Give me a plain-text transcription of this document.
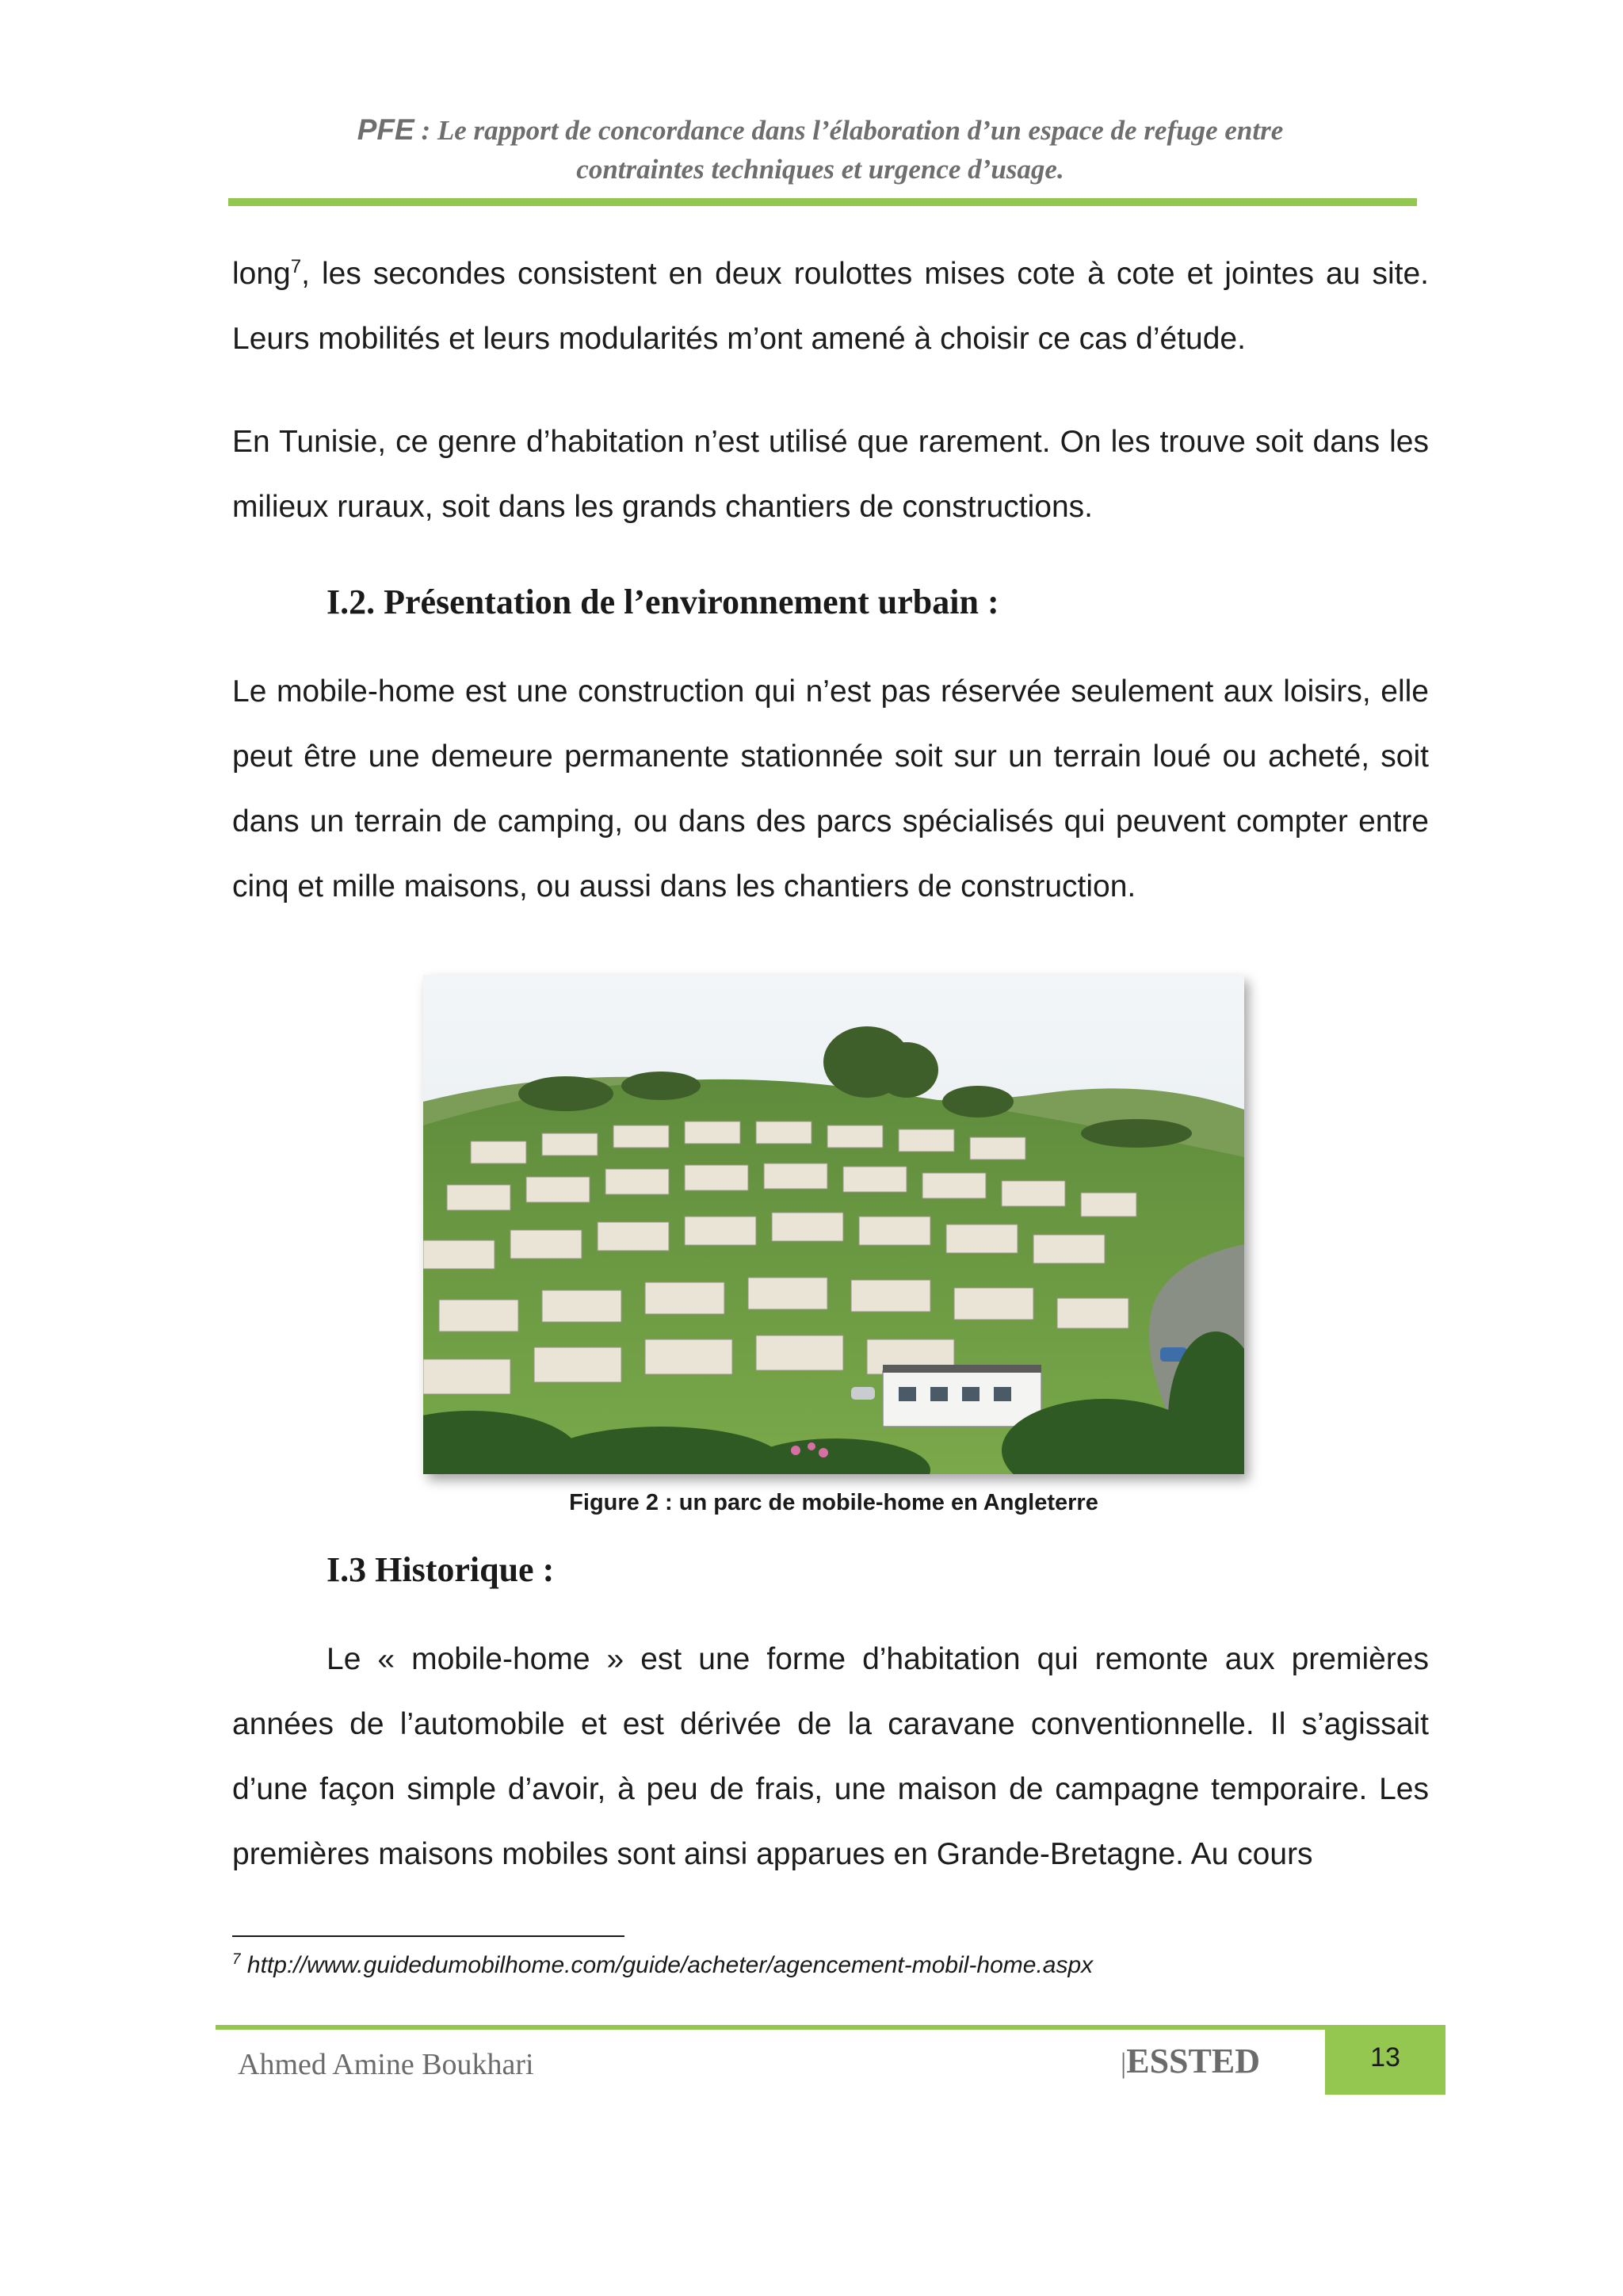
PFE : Le rapport de concordance dans l’élaboration d’un espace de refuge entre
contraintes techniques et urgence d’usage.
long$^7$, les secondes consistent en deux roulottes mises cote à cote et jointes au site. Leurs mobilités et leurs modularités m’ont amené à choisir ce cas d’étude.
En Tunisie, ce genre d’habitation n’est utilisé que rarement. On les trouve soit dans les milieux ruraux, soit dans les grands chantiers de constructions.
I.2. Présentation de l’environnement urbain :
Le mobile-home est une construction qui n’est pas réservée seulement aux loisirs, elle peut être une demeure permanente stationnée soit sur un terrain loué ou acheté, soit dans un terrain de camping, ou dans des parcs spécialisés qui peuvent compter entre cinq et mille maisons, ou aussi dans les chantiers de construction.
Figure 2 : un parc de mobile-home en Angleterre
I.3 Historique :
Le « mobile-home » est une forme d’habitation qui remonte aux premières années de l’automobile et est dérivée de la caravane conventionnelle. Il s’agissait d’une façon simple d’avoir, à peu de frais, une maison de campagne temporaire. Les premières maisons mobiles sont ainsi apparues en Grande-Bretagne. Au cours
$^7$ http://www.guidedumobilhome.com/guide/acheter/agencement-mobil-home.aspx
Ahmed Amine Boukhari	|ESSTED	13
